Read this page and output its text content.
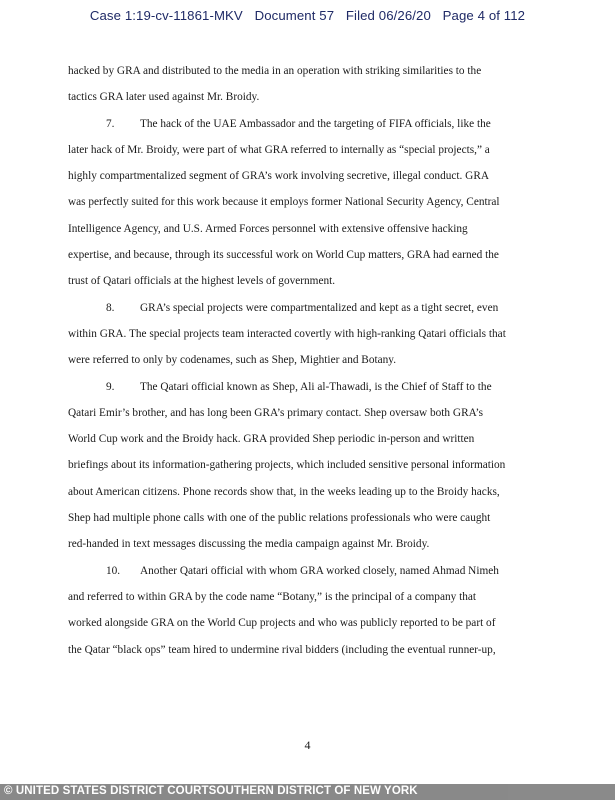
Case 1:19-cv-11861-MKV Document 57 Filed 06/26/20 Page 4 of 112
hacked by GRA and distributed to the media in an operation with striking similarities to the
tactics GRA later used against Mr. Broidy.
7. The hack of the UAE Ambassador and the targeting of FIFA officials, like the
later hack of Mr. Broidy, were part of what GRA referred to internally as “special projects,” a
highly compartmentalized segment of GRA’s work involving secretive, illegal conduct. GRA
was perfectly suited for this work because it employs former National Security Agency, Central
Intelligence Agency, and U.S. Armed Forces personnel with extensive offensive hacking
expertise, and because, through its successful work on World Cup matters, GRA had earned the
trust of Qatari officials at the highest levels of government.
8. GRA’s special projects were compartmentalized and kept as a tight secret, even
within GRA. The special projects team interacted covertly with high-ranking Qatari officials that
were referred to only by codenames, such as Shep, Mightier and Botany.
9. The Qatari official known as Shep, Ali al-Thawadi, is the Chief of Staff to the
Qatari Emir’s brother, and has long been GRA’s primary contact. Shep oversaw both GRA’s
World Cup work and the Broidy hack. GRA provided Shep periodic in-person and written
briefings about its information-gathering projects, which included sensitive personal information
about American citizens. Phone records show that, in the weeks leading up to the Broidy hacks,
Shep had multiple phone calls with one of the public relations professionals who were caught
red-handed in text messages discussing the media campaign against Mr. Broidy.
10. Another Qatari official with whom GRA worked closely, named Ahmad Nimeh
and referred to within GRA by the code name “Botany,” is the principal of a company that
worked alongside GRA on the World Cup projects and who was publicly reported to be part of
the Qatar “black ops” team hired to undermine rival bidders (including the eventual runner-up,
4
© UNITED STATES DISTRICT COURTSOUTHERN DISTRICT OF NEW YORK
